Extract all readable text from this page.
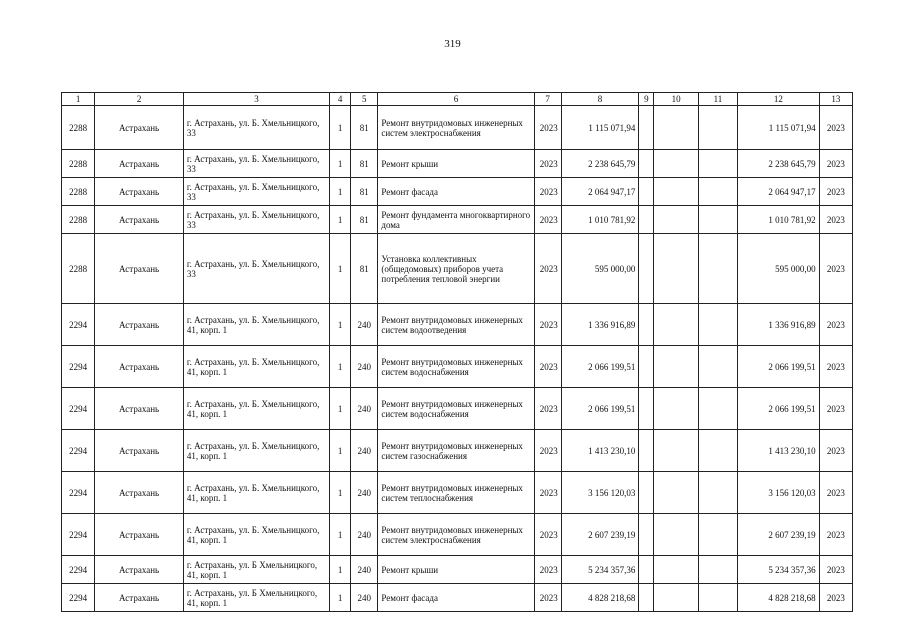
319
1	2	3	4	5	6	7	8	9	10	11	12	13
2288	Астрахань	г. Астрахань, ул. Б. Хмельницкого, 33	1	81	Ремонт внутридомовых инженерных систем электроснабжения	2023	1 115 071,94				1 115 071,94	2023
2288	Астрахань	г. Астрахань, ул. Б. Хмельницкого, 33	1	81	Ремонт крыши	2023	2 238 645,79				2 238 645,79	2023
2288	Астрахань	г. Астрахань, ул. Б. Хмельницкого, 33	1	81	Ремонт фасада	2023	2 064 947,17				2 064 947,17	2023
2288	Астрахань	г. Астрахань, ул. Б. Хмельницкого, 33	1	81	Ремонт фундамента многоквартирного дома	2023	1 010 781,92				1 010 781,92	2023
2288	Астрахань	г. Астрахань, ул. Б. Хмельницкого, 33	1	81	Установка коллективных (общедомовых) приборов учета потребления тепловой энергии	2023	595 000,00				595 000,00	2023
2294	Астрахань	г. Астрахань, ул. Б. Хмельницкого, 41, корп. 1	1	240	Ремонт внутридомовых инженерных систем водоотведения	2023	1 336 916,89				1 336 916,89	2023
2294	Астрахань	г. Астрахань, ул. Б. Хмельницкого, 41, корп. 1	1	240	Ремонт внутридомовых инженерных систем водоснабжения	2023	2 066 199,51				2 066 199,51	2023
2294	Астрахань	г. Астрахань, ул. Б. Хмельницкого, 41, корп. 1	1	240	Ремонт внутридомовых инженерных систем водоснабжения	2023	2 066 199,51				2 066 199,51	2023
2294	Астрахань	г. Астрахань, ул. Б. Хмельницкого, 41, корп. 1	1	240	Ремонт внутридомовых инженерных систем газоснабжения	2023	1 413 230,10				1 413 230,10	2023
2294	Астрахань	г. Астрахань, ул. Б. Хмельницкого, 41, корп. 1	1	240	Ремонт внутридомовых инженерных систем теплоснабжения	2023	3 156 120,03				3 156 120,03	2023
2294	Астрахань	г. Астрахань, ул. Б. Хмельницкого, 41, корп. 1	1	240	Ремонт внутридомовых инженерных систем электроснабжения	2023	2 607 239,19				2 607 239,19	2023
2294	Астрахань	г. Астрахань, ул. Б Хмельницкого, 41, корп. 1	1	240	Ремонт крыши	2023	5 234 357,36				5 234 357,36	2023
2294	Астрахань	г. Астрахань, ул. Б Хмельницкого, 41, корп. 1	1	240	Ремонт фасада	2023	4 828 218,68				4 828 218,68	2023
